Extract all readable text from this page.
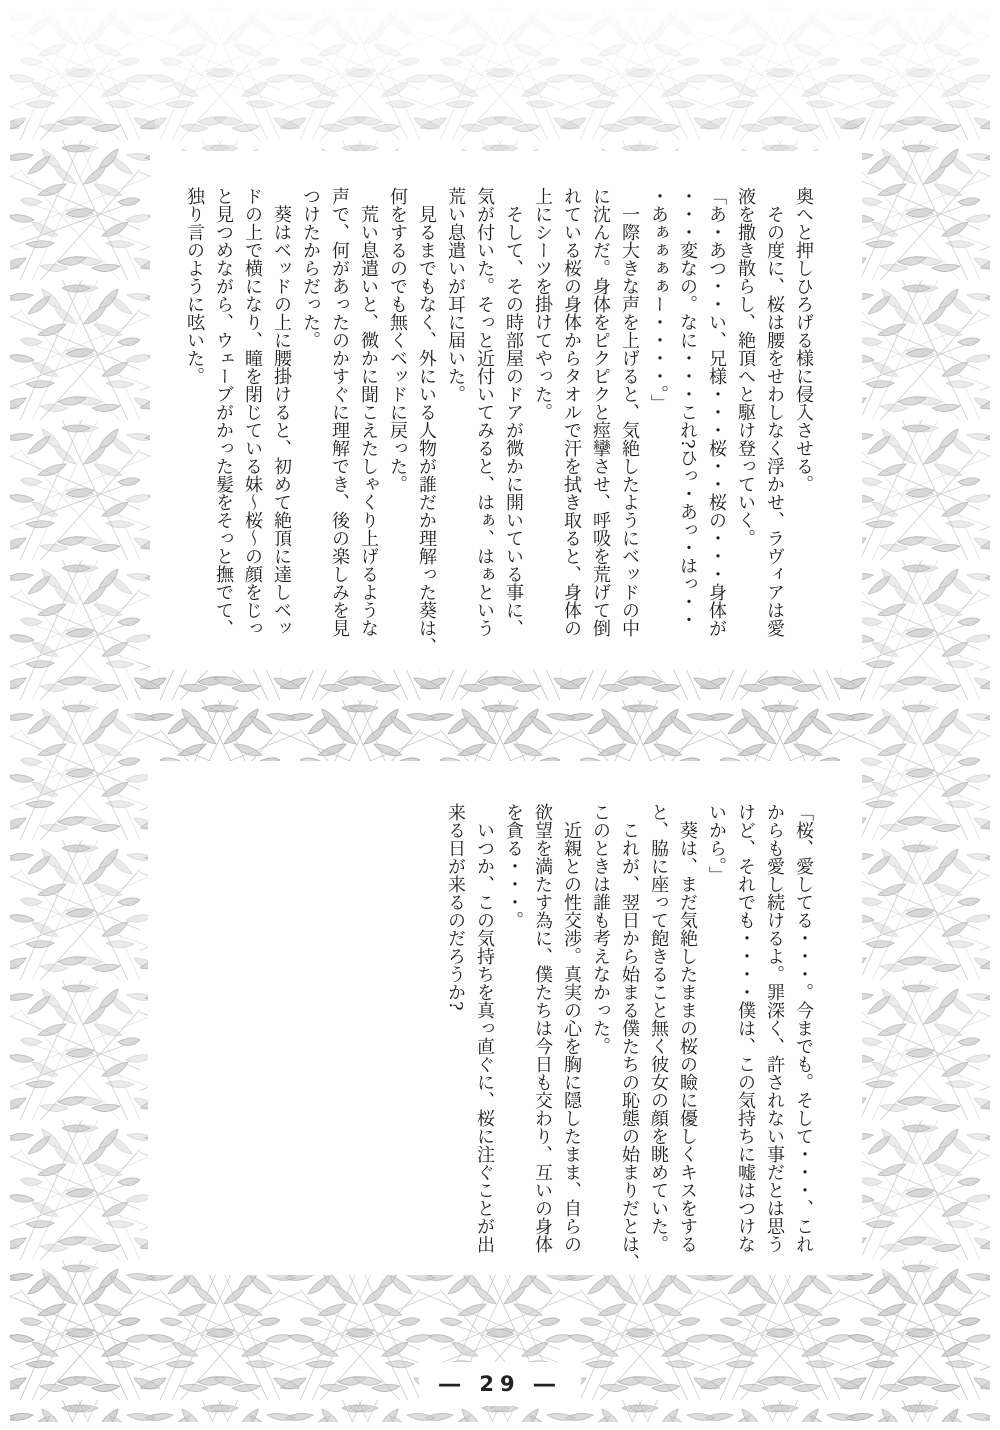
奥へと押しひろげる様に侵入させる。
　その度に、桜は腰をせわしなく浮かせ、ラヴィアは愛
液を撒き散らし、絶頂へと駆け登っていく。
「あ・あつ・・い、兄様・・・桜・・桜の・・・身体が
・・・変なの。なに・・・これ?ひっ・あっ・はっ・・
・あぁぁぁぁー・・・・。」
　一際大きな声を上げると、気絶したようにベッドの中
に沈んだ。身体をピクピクと痙攣させ、呼吸を荒げて倒
れている桜の身体からタオルで汗を拭き取ると、身体の
上にシーツを掛けてやった。
　そして、その時部屋のドアが微かに開いている事に、
気が付いた。そっと近付いてみると、はぁ、はぁという
荒い息遣いが耳に届いた。
　見るまでもなく、外にいる人物が誰だか理解った葵は、
何をするのでも無くベッドに戻った。
　荒い息遣いと、微かに聞こえたしゃくり上げるような
声で、何があったのかすぐに理解でき、後の楽しみを見
つけたからだった。
　葵はベッドの上に腰掛けると、初めて絶頂に達しベッ
ドの上で横になり、瞳を閉じている妹～桜～の顔をじっ
と見つめながら、ウェーブがかった髪をそっと撫でて、
独り言のように呟いた。
「桜、愛してる・・・。今までも。そして・・・、これ
からも愛し続けるよ。罪深く、許されない事だとは思う
けど、それでも・・・・僕は、この気持ちに嘘はつけな
いから。」
　葵は、まだ気絶したままの桜の瞼に優しくキスをする
と、脇に座って飽きること無く彼女の顔を眺めていた。
　これが、翌日から始まる僕たちの恥態の始まりだとは、
このときは誰も考えなかった。
　近親との性交渉。真実の心を胸に隠したまま、自らの
欲望を満たす為に、僕たちは今日も交わり、互いの身体
を貪る・・・。
　いつか、この気持ちを真っ直ぐに、桜に注ぐことが出
来る日が来るのだろうか?
― 29 ―
